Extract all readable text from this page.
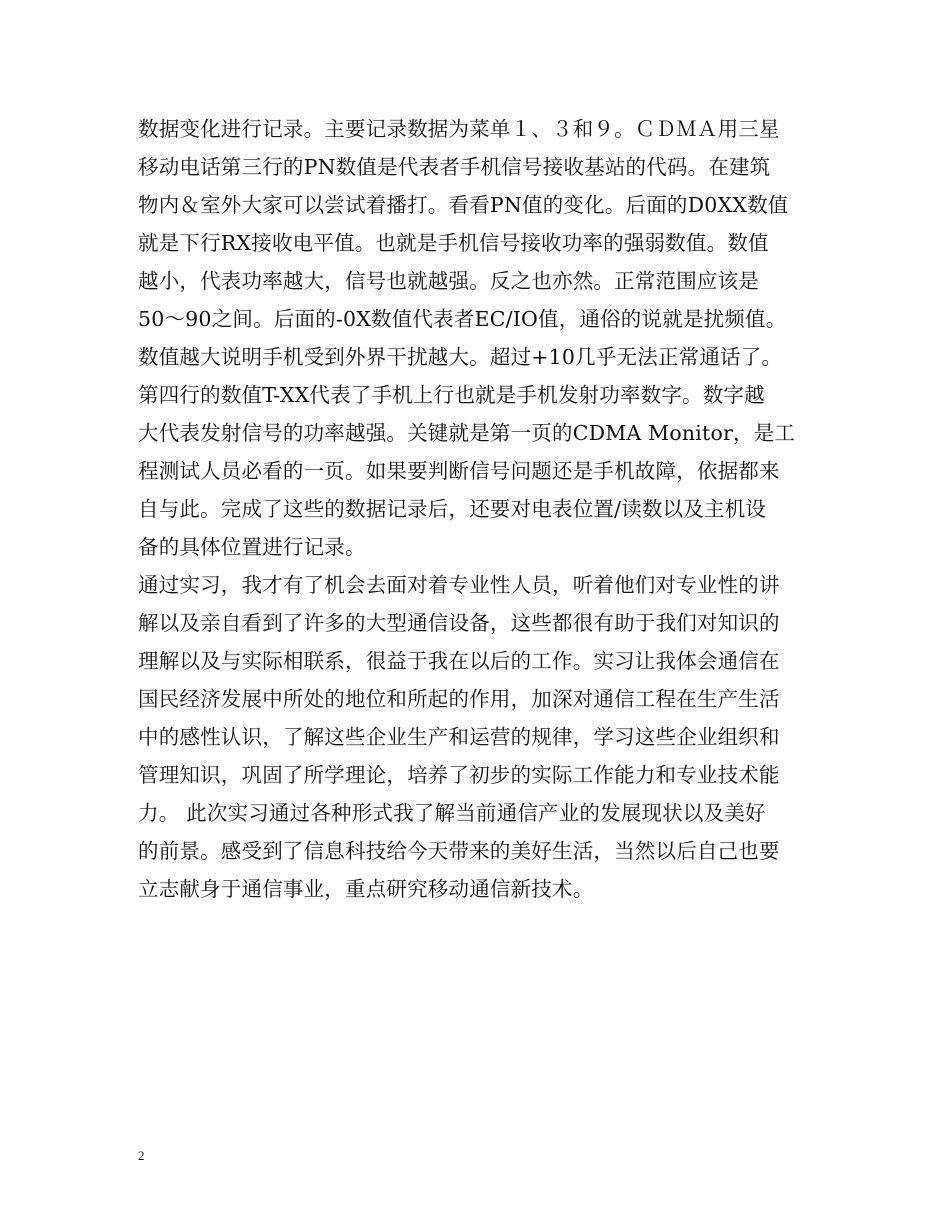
数据变化进行记录。主要记录数据为菜单１、３和９。ＣＤＭＡ用三星
移动电话第三行的PN数值是代表者手机信号接收基站的代码。在建筑
物内＆室外大家可以尝试着播打。看看PN值的变化。后面的D0XX数值
就是下行RX接收电平值。也就是手机信号接收功率的强弱数值。数值
越小，代表功率越大，信号也就越强。反之也亦然。正常范围应该是
50～90之间。后面的-0X数值代表者EC/IO值，通俗的说就是扰频值。
数值越大说明手机受到外界干扰越大。超过+10几乎无法正常通话了。
第四行的数值T-XX代表了手机上行也就是手机发射功率数字。数字越
大代表发射信号的功率越强。关键就是第一页的CDMA Monitor，是工
程测试人员必看的一页。如果要判断信号问题还是手机故障，依据都来
自与此。完成了这些的数据记录后，还要对电表位置/读数以及主机设
备的具体位置进行记录。
通过实习，我才有了机会去面对着专业性人员，听着他们对专业性的讲
解以及亲自看到了许多的大型通信设备，这些都很有助于我们对知识的
理解以及与实际相联系，很益于我在以后的工作。实习让我体会通信在
国民经济发展中所处的地位和所起的作用，加深对通信工程在生产生活
中的感性认识，了解这些企业生产和运营的规律，学习这些企业组织和
管理知识，巩固了所学理论，培养了初步的实际工作能力和专业技术能
力。 此次实习通过各种形式我了解当前通信产业的发展现状以及美好
的前景。感受到了信息科技给今天带来的美好生活，当然以后自己也要
立志献身于通信事业，重点研究移动通信新技术。
2
